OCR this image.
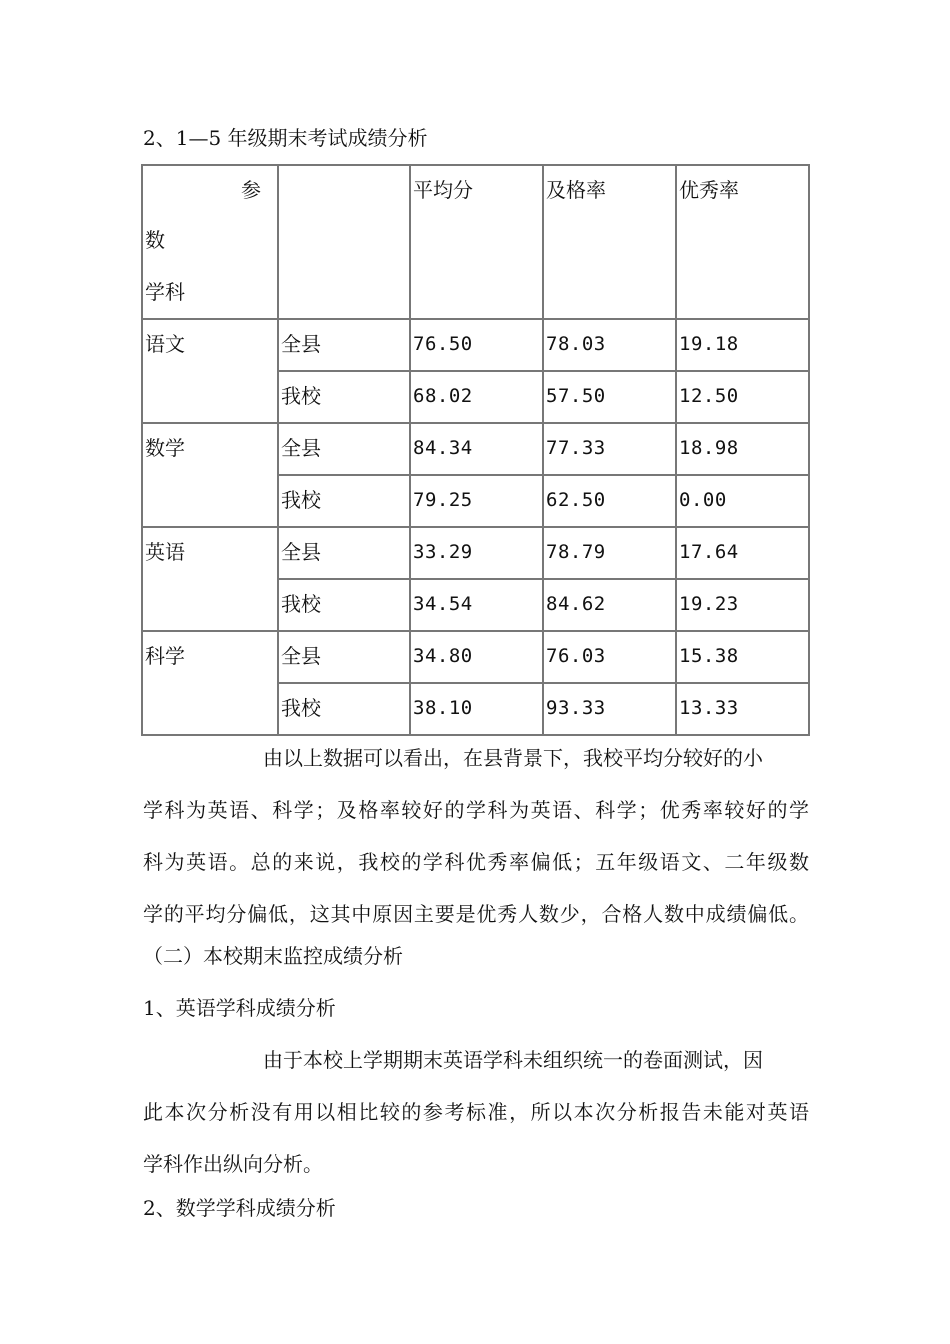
2、1—5 年级期末考试成绩分析
参
数
学科		平均分	及格率	优秀率
语文	全县	76.50	78.03	19.18
	我校	68.02	57.50	12.50
数学	全县	84.34	77.33	18.98
	我校	79.25	62.50	0.00
英语	全县	33.29	78.79	17.64
	我校	34.54	84.62	19.23
科学	全县	34.80	76.03	15.38
	我校	38.10	93.33	13.33
由以上数据可以看出，在县背景下，我校平均分较好的小
学科为英语、科学；及格率较好的学科为英语、科学；优秀率较好的学
科为英语。总的来说，我校的学科优秀率偏低；五年级语文、二年级数
学的平均分偏低，这其中原因主要是优秀人数少，合格人数中成绩偏低。
（二）本校期末监控成绩分析
1、英语学科成绩分析
由于本校上学期期末英语学科未组织统一的卷面测试，因
此本次分析没有用以相比较的参考标准，所以本次分析报告未能对英语
学科作出纵向分析。
2、数学学科成绩分析
